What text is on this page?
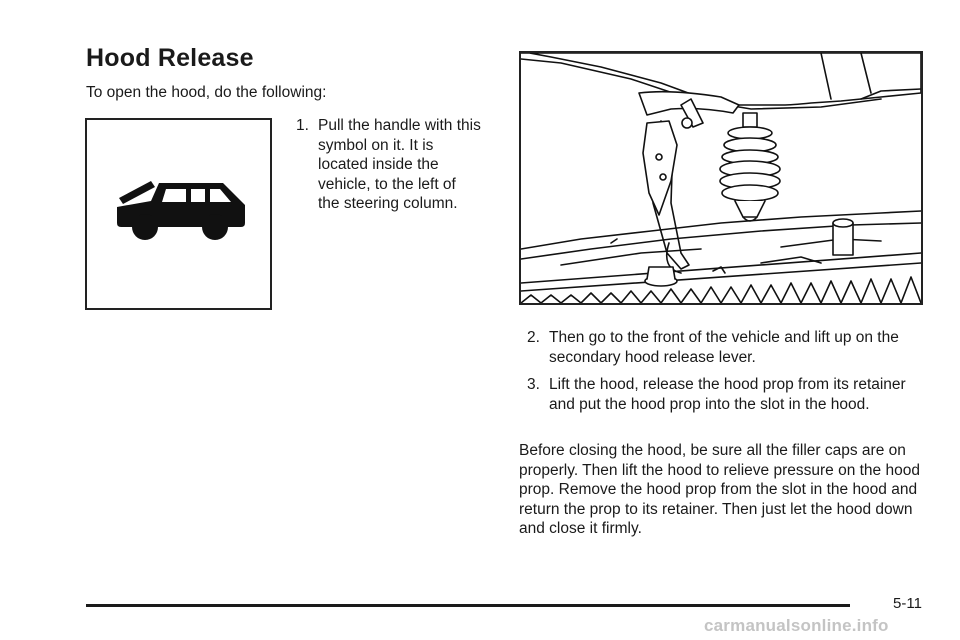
Hood Release

To open the hood, do the following:

1. Pull the handle with this symbol on it. It is located inside the vehicle, to the left of the steering column.
2. Then go to the front of the vehicle and lift up on the secondary hood release lever.
3. Lift the hood, release the hood prop from its retainer and put the hood prop into the slot in the hood.

Before closing the hood, be sure all the filler caps are on properly. Then lift the hood to relieve pressure on the hood prop. Remove the hood prop from the slot in the hood and return the prop to its retainer. Then just let the hood down and close it firmly.

5-11

carmanualsonline.info
